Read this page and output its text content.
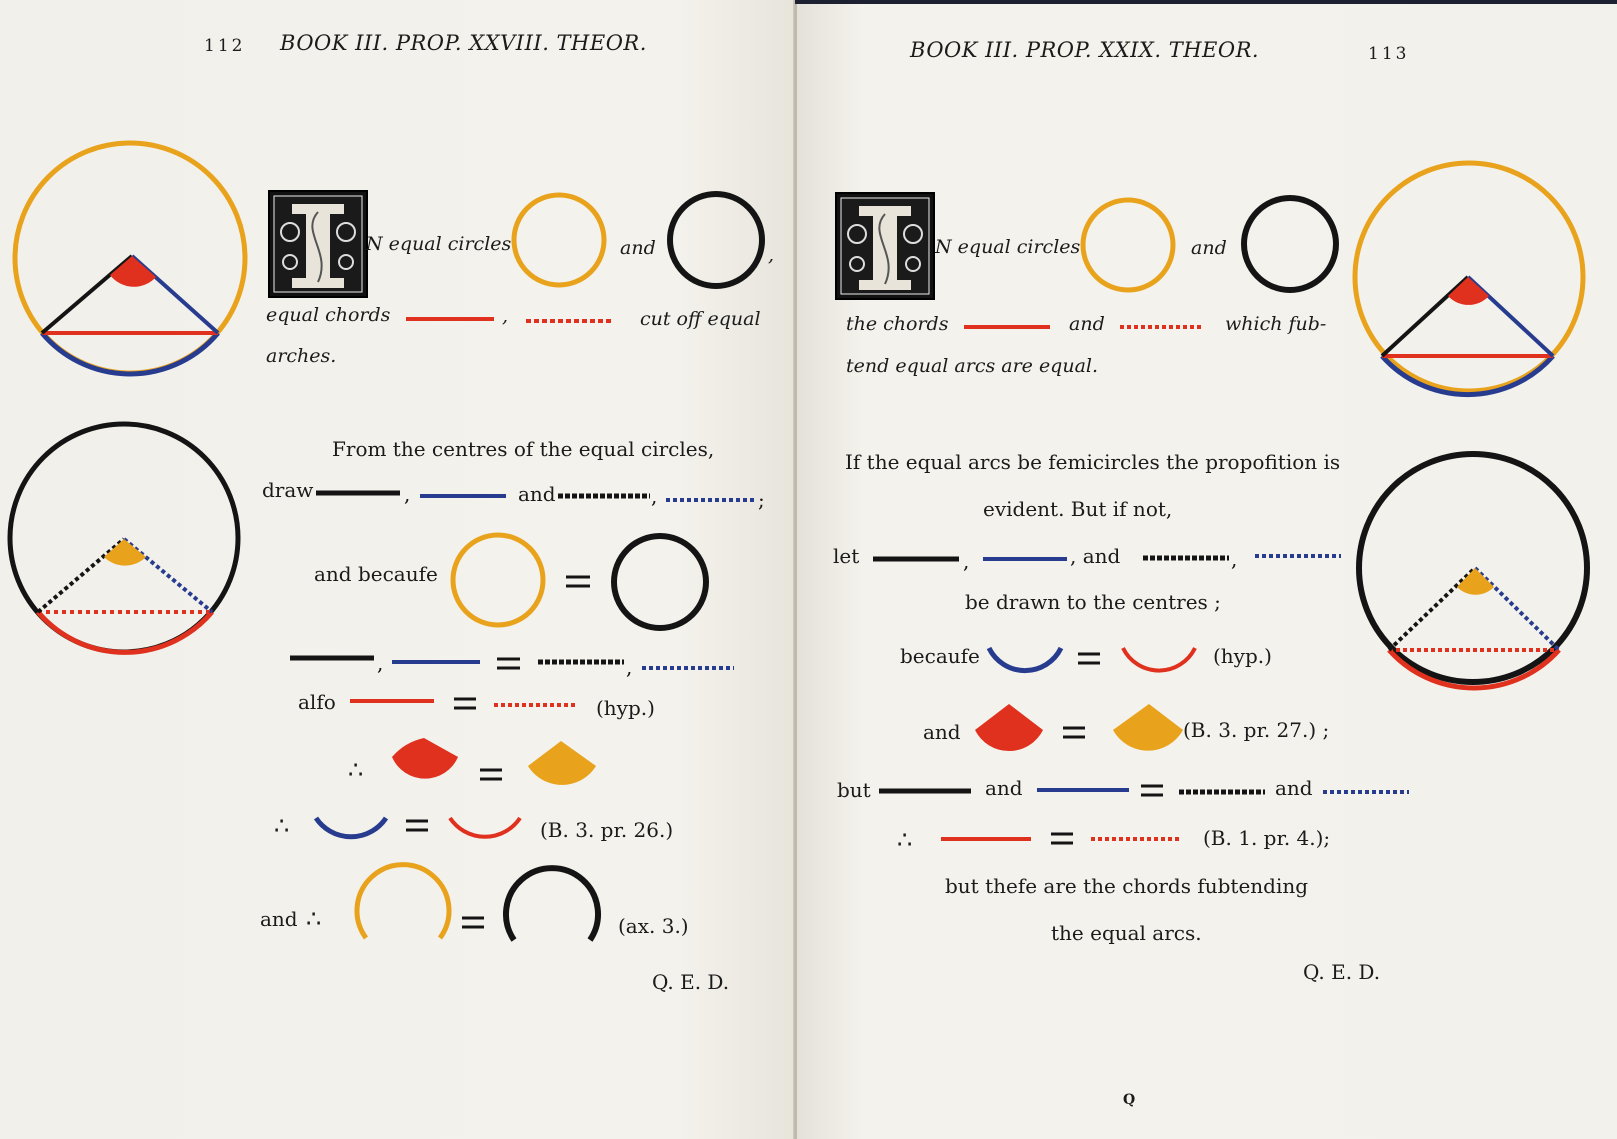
112 BOOK III. PROP. XXVIII. THEOR.
N equal circles	and	,
equal chords	,	cut off equal
arches.
From the centres of the equal circles,
draw	and
and becaufe
alfo	(hyp.)
∴
∴	(B. 3. pr. 26.)
and ∴	(ax. 3.)
Q. E. D.
,	,	;
,	,
BOOK III. PROP. XXIX. THEOR.	113
N equal circles	and
the chords	and	which fub-
tend equal arcs are equal.
If the equal arcs be femicircles the propofition is
evident. But if not,
let	, and
be drawn to the centres ;
becaufe	(hyp.)
and	(B. 3. pr. 27.) ;
but	and	and
∴	(B. 1. pr. 4.);
but thefe are the chords fubtending
the equal arcs.
Q. E. D.
Q
,	,
